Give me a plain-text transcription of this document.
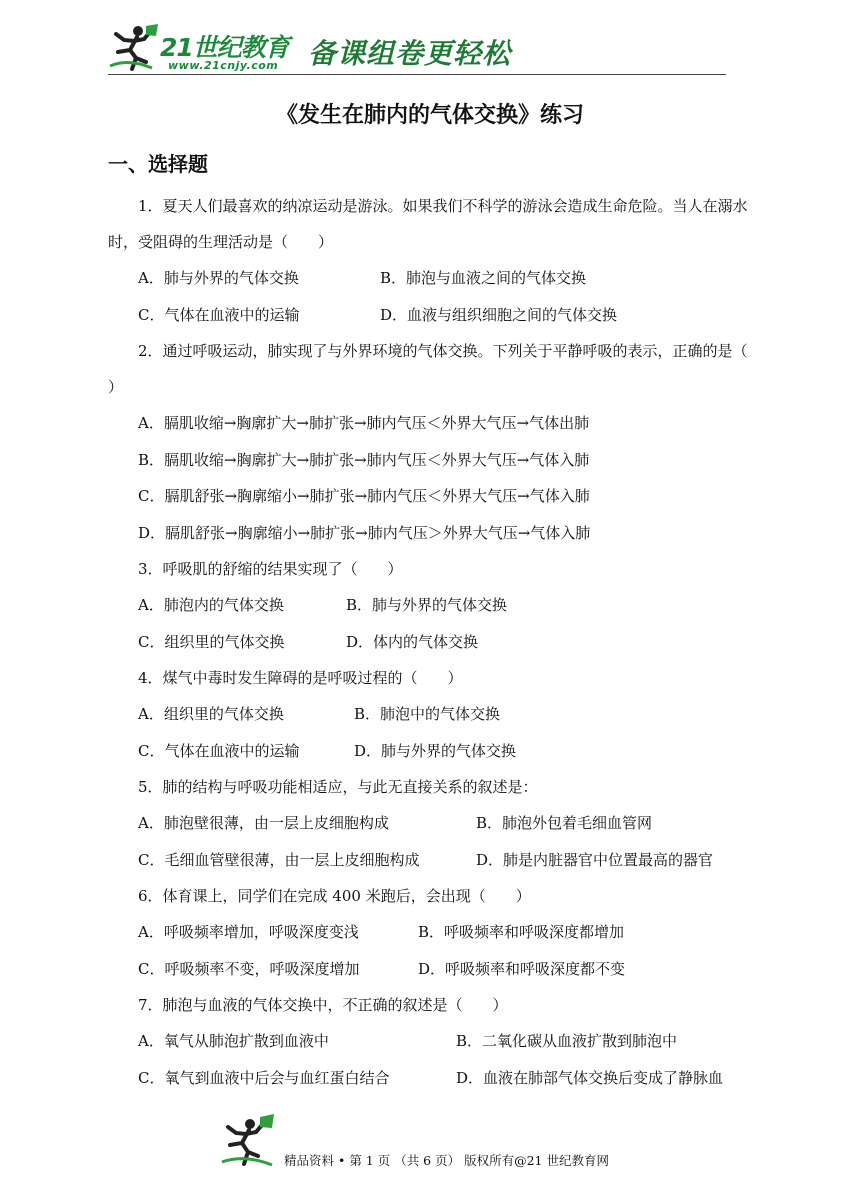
21世纪教育
www.21cnjy.com 备课组卷更轻松
《发生在肺内的气体交换》练习
一、选择题
1．夏天人们最喜欢的纳凉运动是游泳。如果我们不科学的游泳会造成生命危险。当人在溺水时，受阻碍的生理活动是（　　）
A．肺与外界的气体交换	B．肺泡与血液之间的气体交换
C．气体在血液中的运输	D．血液与组织细胞之间的气体交换
2．通过呼吸运动，肺实现了与外界环境的气体交换。下列关于平静呼吸的表示，正确的是（ ）
A．膈肌收缩→胸廓扩大→肺扩张→肺内气压＜外界大气压→气体出肺
B．膈肌收缩→胸廓扩大→肺扩张→肺内气压＜外界大气压→气体入肺
C．膈肌舒张→胸廓缩小→肺扩张→肺内气压＜外界大气压→气体入肺
D．膈肌舒张→胸廓缩小→肺扩张→肺内气压＞外界大气压→气体入肺
3．呼吸肌的舒缩的结果实现了（　　）
A．肺泡内的气体交换	B．肺与外界的气体交换
C．组织里的气体交换	D．体内的气体交换
4．煤气中毒时发生障碍的是呼吸过程的（　　）
A．组织里的气体交换	B．肺泡中的气体交换
C．气体在血液中的运输	D．肺与外界的气体交换
5．肺的结构与呼吸功能相适应，与此无直接关系的叙述是：
A．肺泡壁很薄，由一层上皮细胞构成	B．肺泡外包着毛细血管网
C．毛细血管壁很薄，由一层上皮细胞构成	D．肺是内脏器官中位置最高的器官
6．体育课上，同学们在完成 400 米跑后，会出现（　　）
A．呼吸频率增加，呼吸深度变浅	B．呼吸频率和呼吸深度都增加
C．呼吸频率不变，呼吸深度增加	D．呼吸频率和呼吸深度都不变
7．肺泡与血液的气体交换中，不正确的叙述是（　　）
A．氧气从肺泡扩散到血液中	B．二氧化碳从血液扩散到肺泡中
C．氧气到血液中后会与血红蛋白结合	D．血液在肺部气体交换后变成了静脉血
精品资料 • 第 1 页 （共 6 页） 版权所有@21 世纪教育网
